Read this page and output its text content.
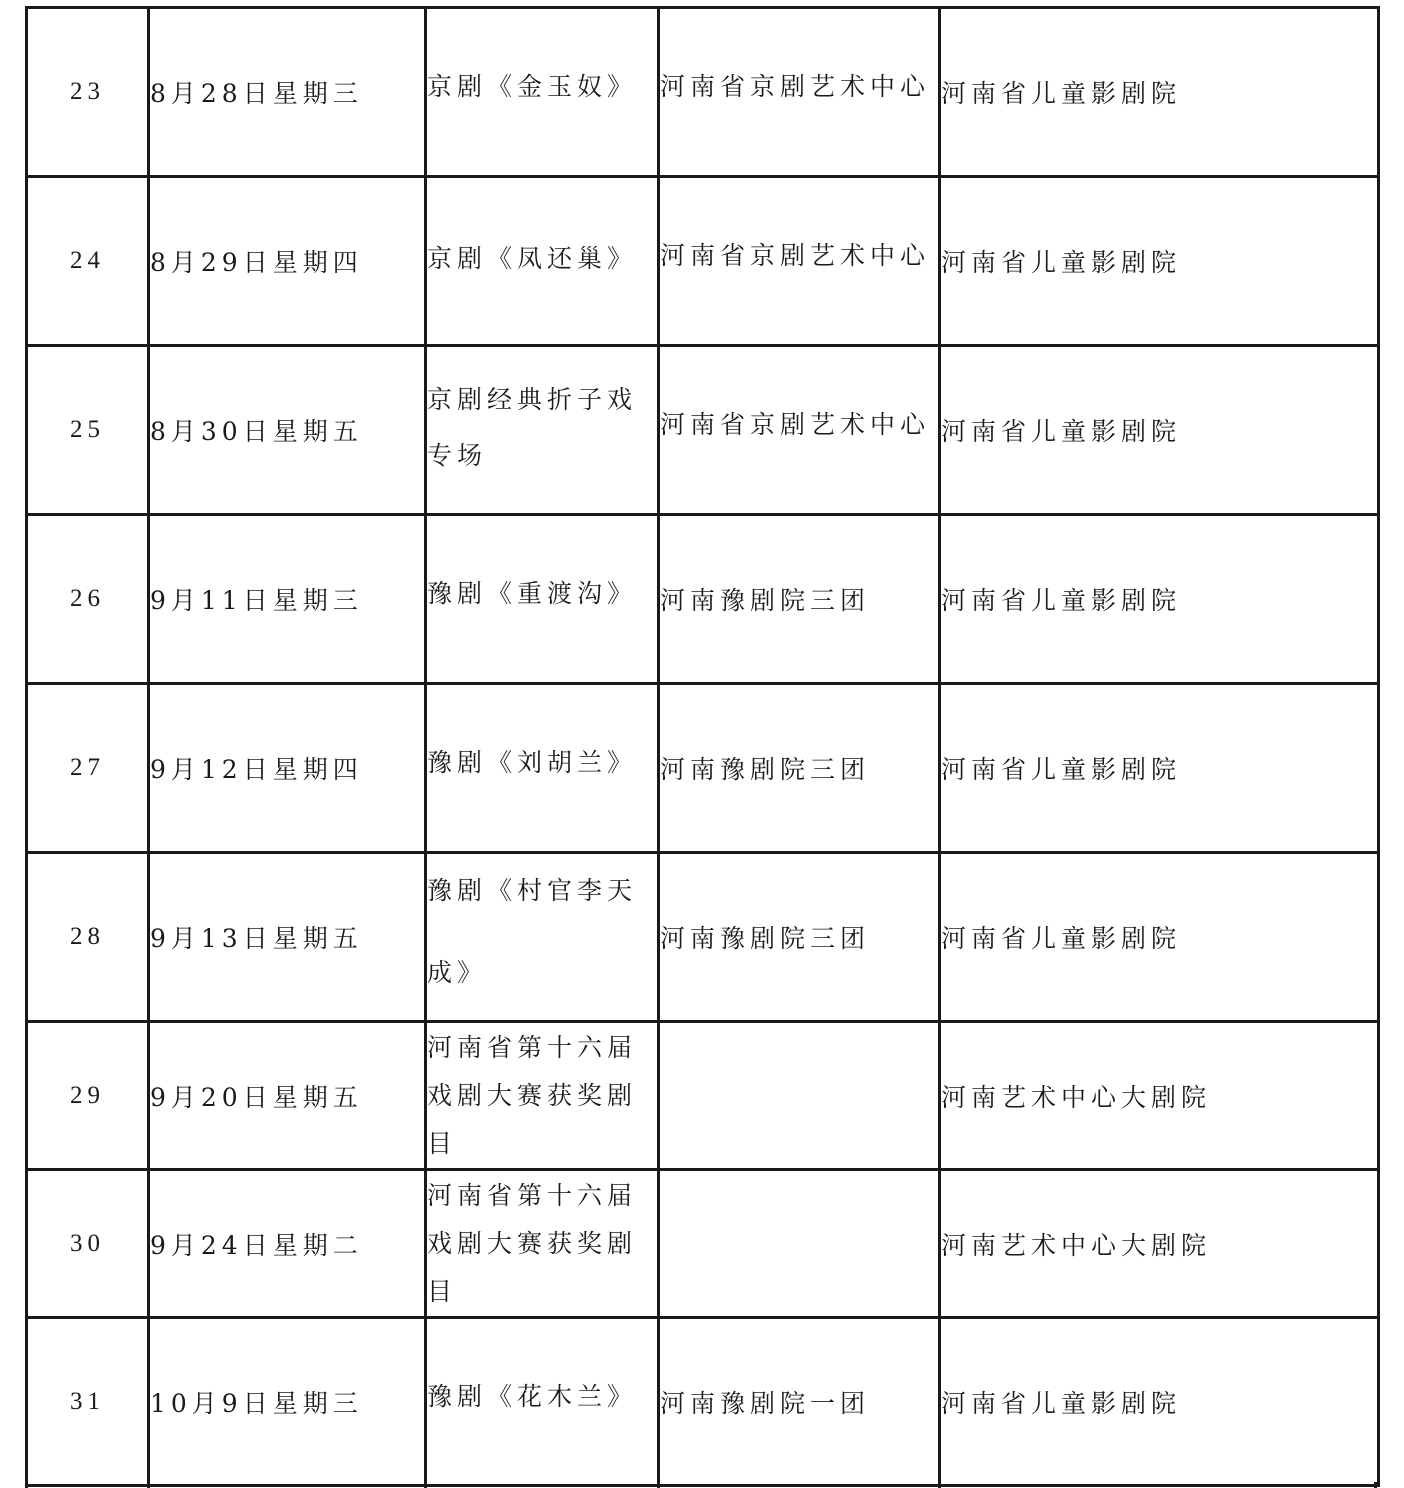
23	8月28日星期三	京剧《金玉奴》	河南省京剧艺术中心	河南省儿童影剧院
24	8月29日星期四	京剧《凤还巢》	河南省京剧艺术中心	河南省儿童影剧院
25	8月30日星期五	京剧经典折子戏专场	河南省京剧艺术中心	河南省儿童影剧院
26	9月11日星期三	豫剧《重渡沟》	河南豫剧院三团	河南省儿童影剧院
27	9月12日星期四	豫剧《刘胡兰》	河南豫剧院三团	河南省儿童影剧院
28	9月13日星期五	豫剧《村官李天成》	河南豫剧院三团	河南省儿童影剧院
29	9月20日星期五	河南省第十六届戏剧大赛获奖剧目		河南艺术中心大剧院
30	9月24日星期二	河南省第十六届戏剧大赛获奖剧目		河南艺术中心大剧院
31	10月9日星期三	豫剧《花木兰》	河南豫剧院一团	河南省儿童影剧院
